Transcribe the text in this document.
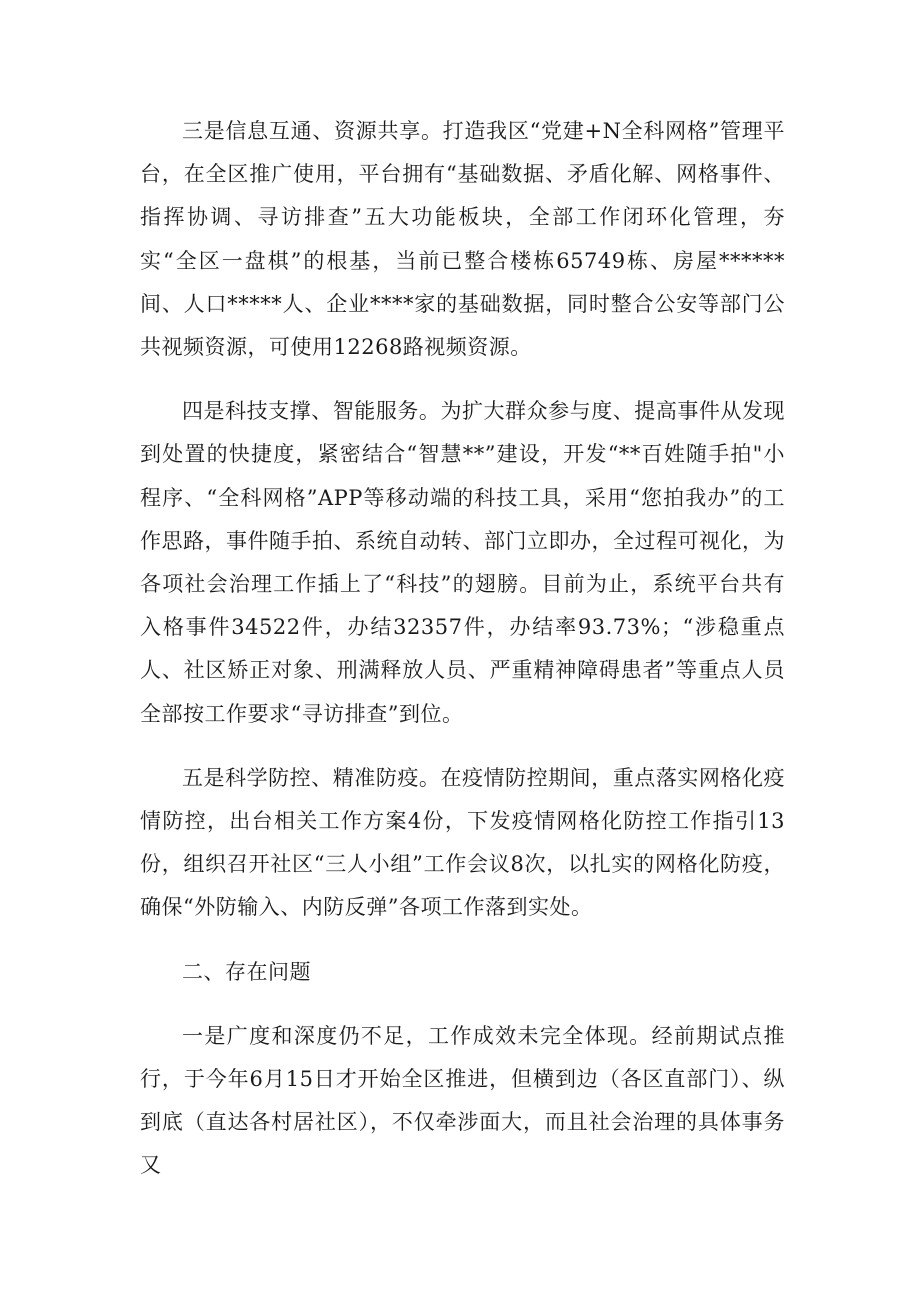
三是信息互通、资源共享。打造我区“党建+N全科网格”管理平台，在全区推广使用，平台拥有“基础数据、矛盾化解、网格事件、指挥协调、寻访排查”五大功能板块，全部工作闭环化管理，夯实“全区一盘棋”的根基，当前已整合楼栋65749栋、房屋******间、人口*****人、企业****家的基础数据，同时整合公安等部门公共视频资源，可使用12268路视频资源。

四是科技支撑、智能服务。为扩大群众参与度、提高事件从发现到处置的快捷度，紧密结合“智慧**”建设，开发“**百姓随手拍"小程序、“全科网格”APP等移动端的科技工具，采用“您拍我办”的工作思路，事件随手拍、系统自动转、部门立即办，全过程可视化，为各项社会治理工作插上了“科技”的翅膀。目前为止，系统平台共有入格事件34522件，办结32357件，办结率93.73%；“涉稳重点人、社区矫正对象、刑满释放人员、严重精神障碍患者”等重点人员全部按工作要求“寻访排查”到位。

五是科学防控、精准防疫。在疫情防控期间，重点落实网格化疫情防控，出台相关工作方案4份，下发疫情网格化防控工作指引13份，组织召开社区“三人小组”工作会议8次，以扎实的网格化防疫，确保“外防输入、内防反弹”各项工作落到实处。

二、存在问题

一是广度和深度仍不足，工作成效未完全体现。经前期试点推行，于今年6月15日才开始全区推进，但横到边（各区直部门）、纵到底（直达各村居社区），不仅牵涉面大，而且社会治理的具体事务又
